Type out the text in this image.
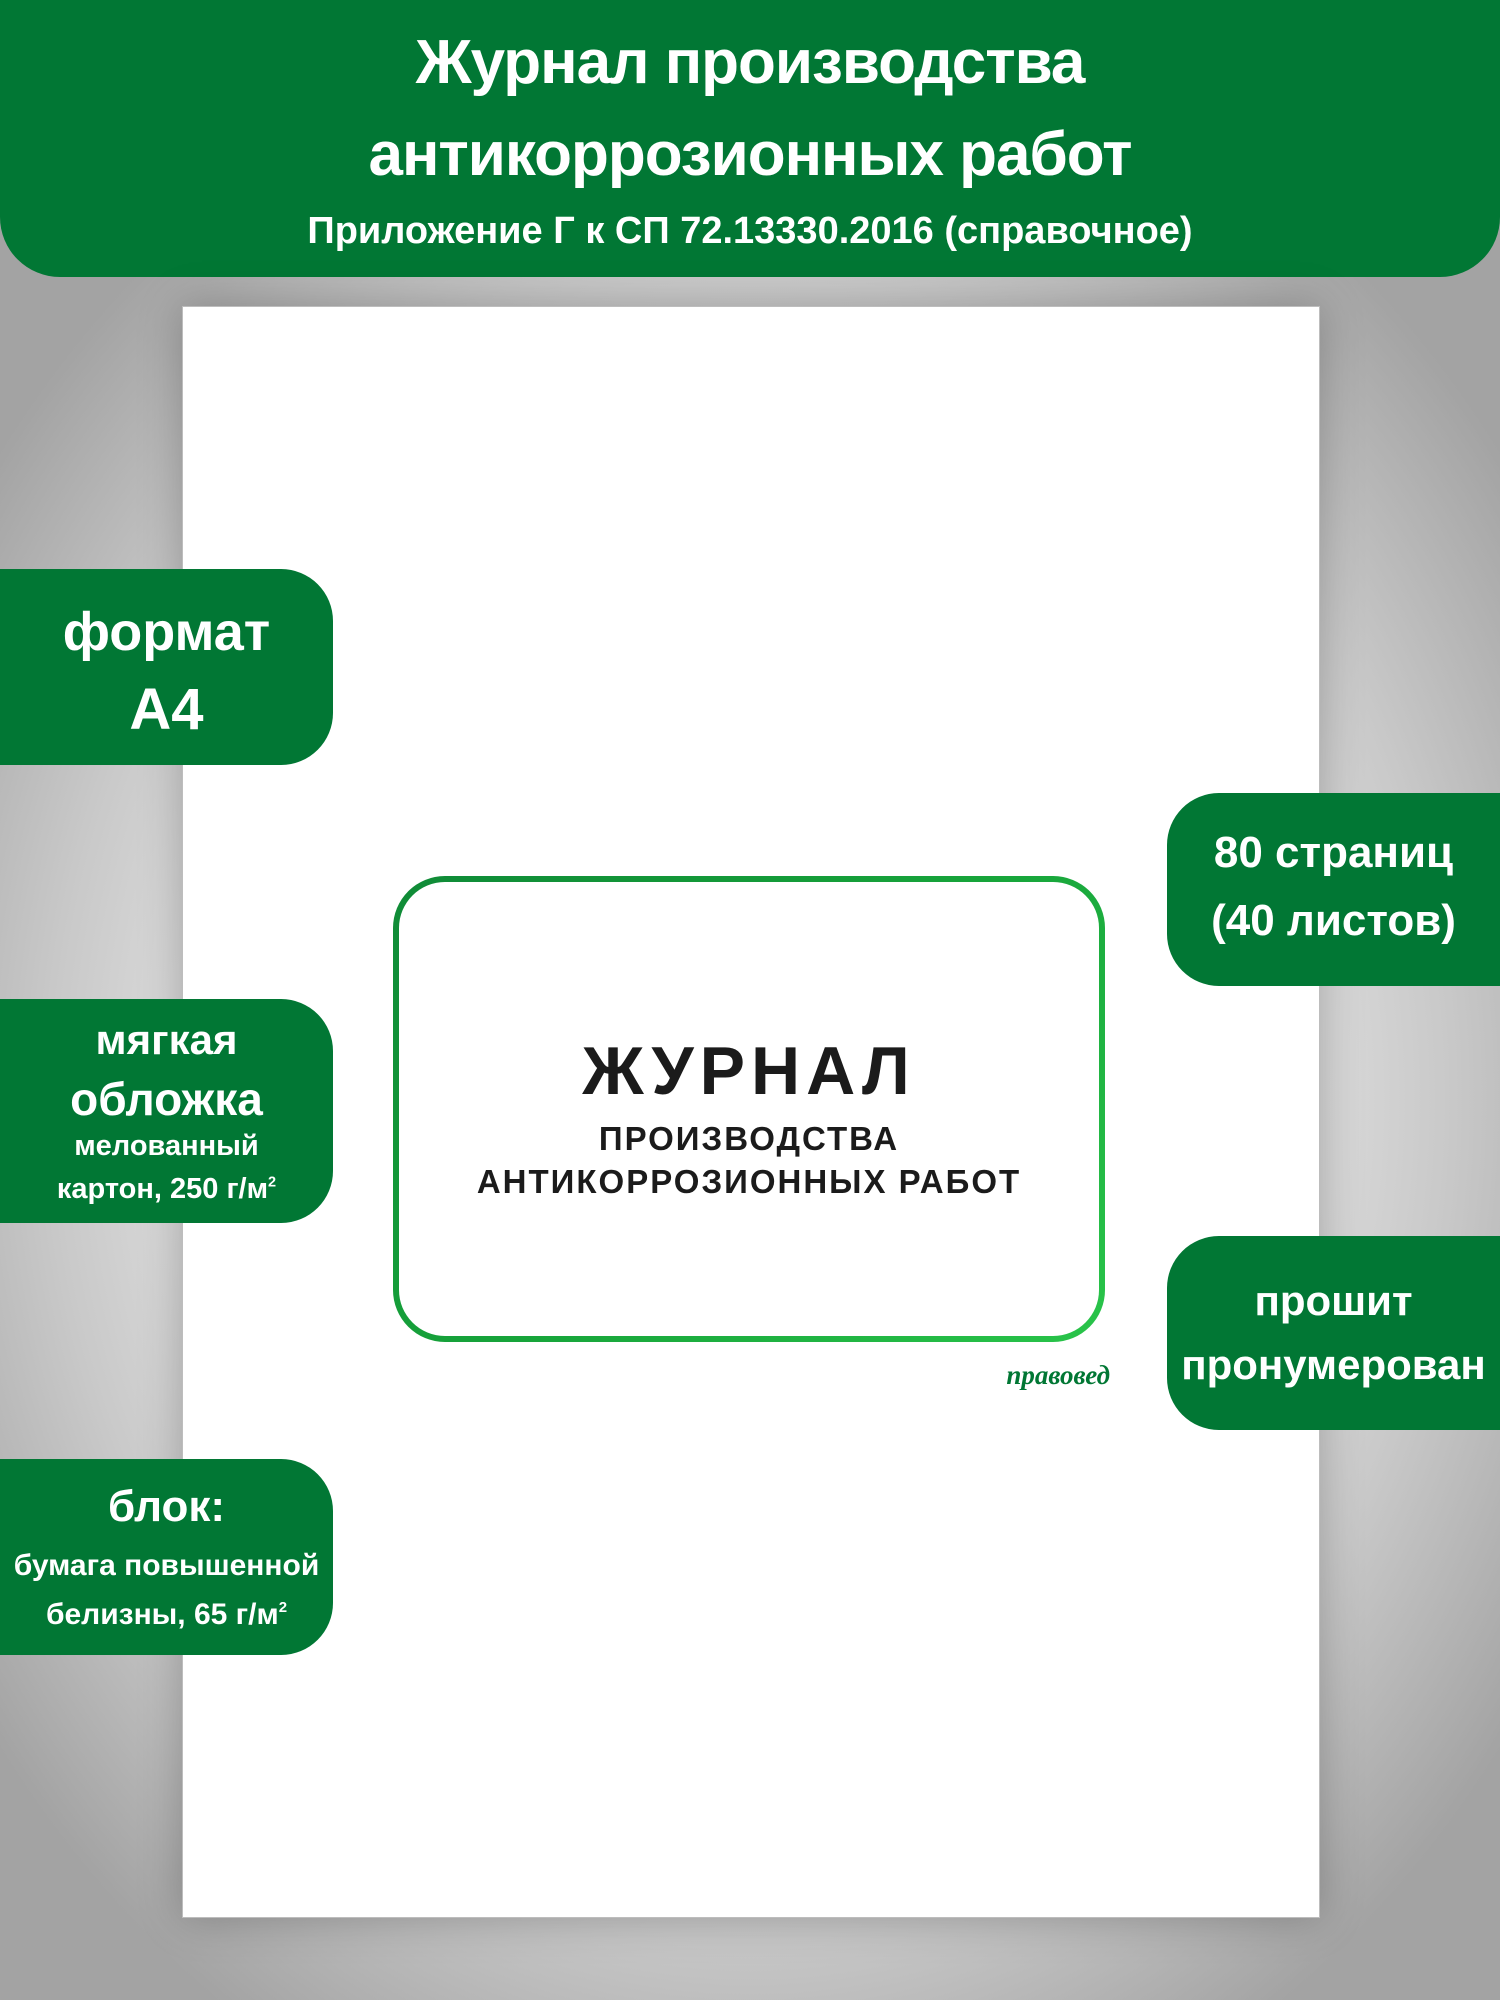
Журнал производства
антикоррозионных работ
Приложение Г к СП 72.13330.2016 (справочное)
ЖУРНАЛ
ПРОИЗВОДСТВА
АНТИКОРРОЗИОННЫХ РАБОТ
правовед
формат
А4
мягкая
обложка
мелованный
картон, 250 $г/м^2$
блок:
бумага повышенной
белизны, 65 $г/м^2$
80 страниц
(40 листов)
прошит
пронумерован
